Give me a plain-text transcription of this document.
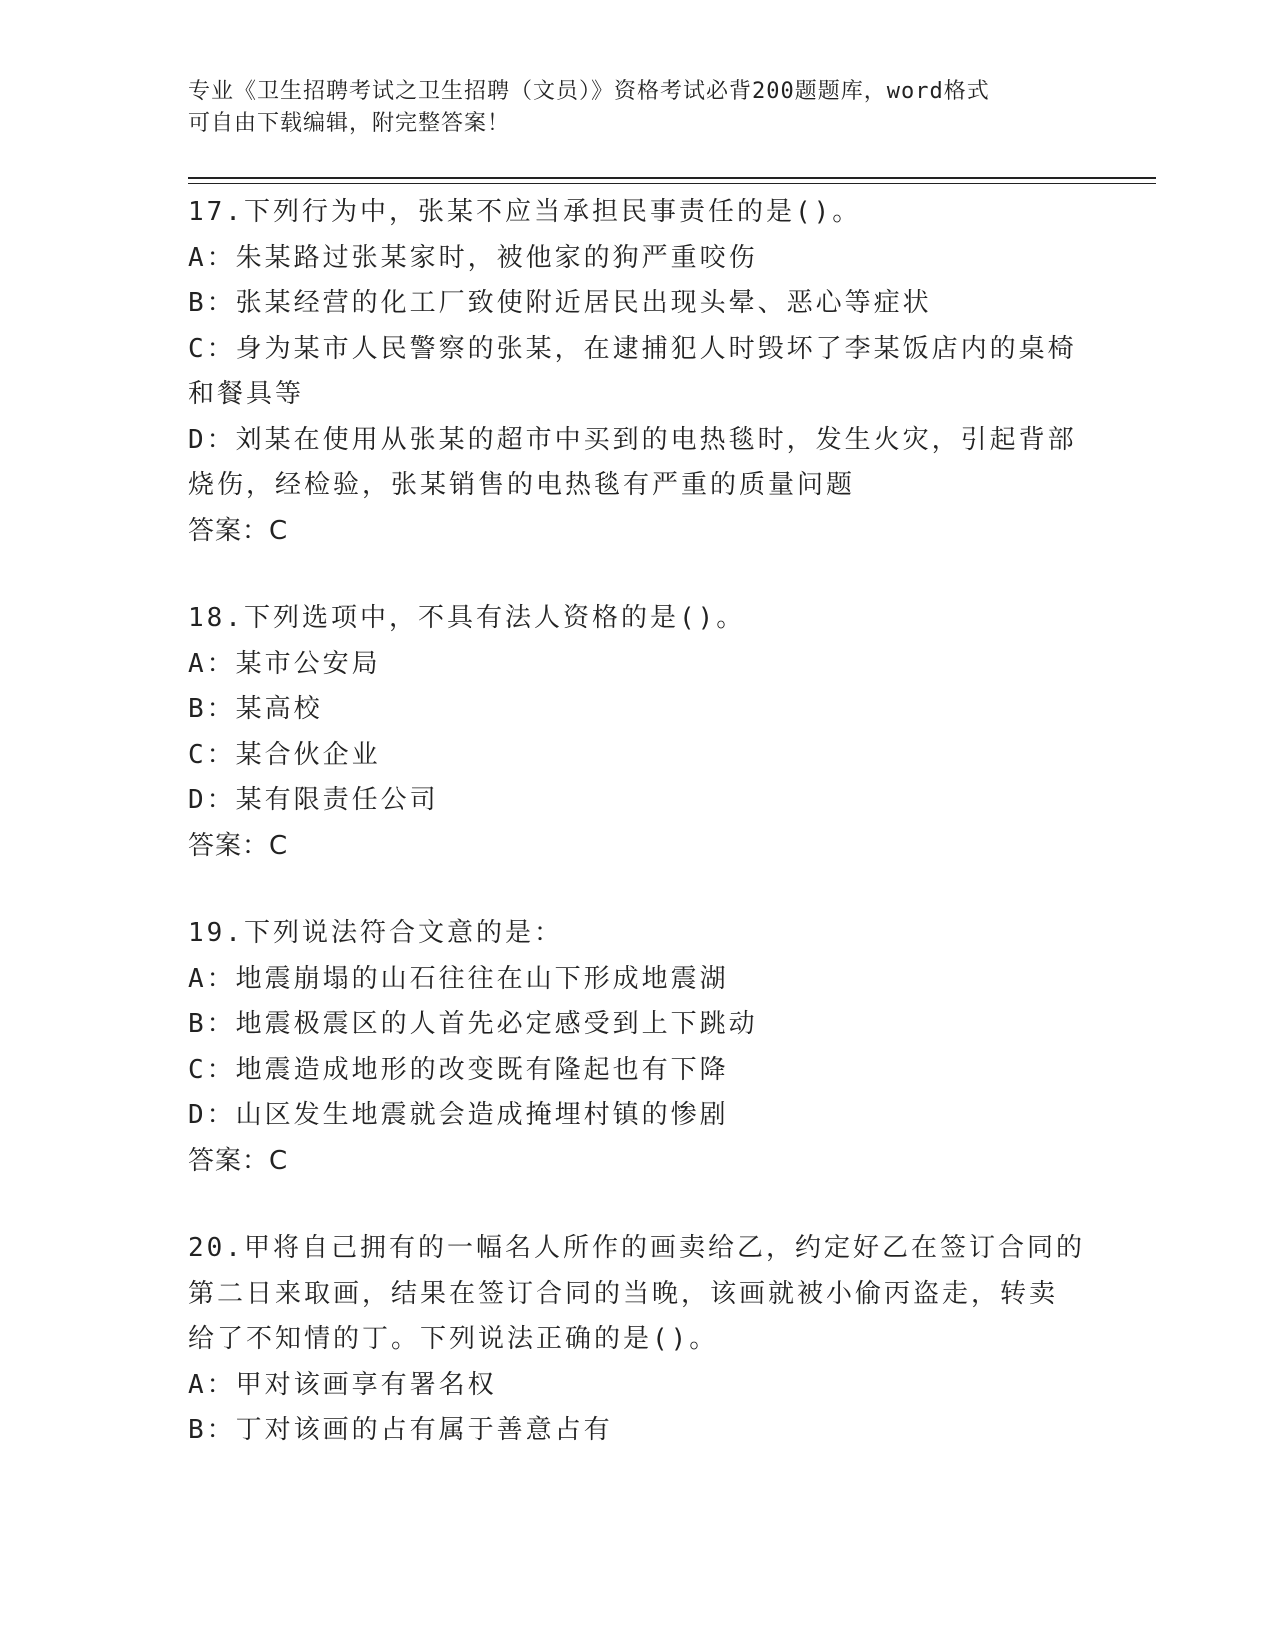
专业《卫生招聘考试之卫生招聘（文员）》资格考试必背200题题库，word格式
可自由下载编辑，附完整答案！

17.下列行为中，张某不应当承担民事责任的是()。

A：朱某路过张某家时，被他家的狗严重咬伤

B：张某经营的化工厂致使附近居民出现头晕、恶心等症状

C：身为某市人民警察的张某，在逮捕犯人时毁坏了李某饭店内的桌椅

和餐具等

D：刘某在使用从张某的超市中买到的电热毯时，发生火灾，引起背部

烧伤，经检验，张某销售的电热毯有严重的质量问题

答案：C

18.下列选项中，不具有法人资格的是()。

A：某市公安局

B：某高校

C：某合伙企业

D：某有限责任公司

答案：C

19.下列说法符合文意的是：

A：地震崩塌的山石往往在山下形成地震湖

B：地震极震区的人首先必定感受到上下跳动

C：地震造成地形的改变既有隆起也有下降

D：山区发生地震就会造成掩埋村镇的惨剧

答案：C

20.甲将自己拥有的一幅名人所作的画卖给乙，约定好乙在签订合同的

第二日来取画，结果在签订合同的当晚，该画就被小偷丙盗走，转卖

给了不知情的丁。下列说法正确的是()。

A：甲对该画享有署名权

B：丁对该画的占有属于善意占有
